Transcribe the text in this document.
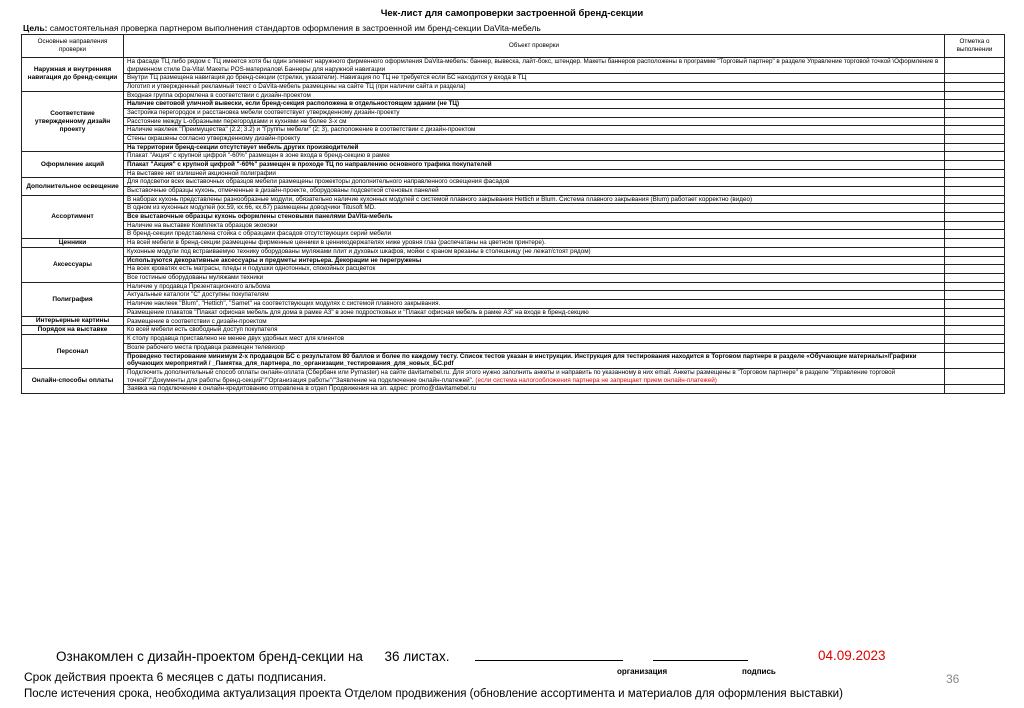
Чек-лист для самопроверки застроенной бренд-секции
Цель: самостоятельная проверка партнером выполнения стандартов оформления в застроенной им бренд-секции DaVita-мебель
Основные направления проверки	Объект проверки	Отметка о выполнении
Наружная и внутренняя навигация до бренд-секции	На фасаде ТЦ либо рядом с ТЦ имеется хотя бы один элемент наружного фирменного оформления DaVita-мебель: баннер, вывеска, лайт-бокс, штендер. Макеты баннеров расположены в программе "Торговый партнер" в разделе Управление торговой точкой \Оформление в фирменном стиле Da-Vita\ Макеты POS-материалов\ Баннеры для наружной навигации	
	Внутри ТЦ размещена навигация до бренд-секции (стрелки, указатели). Навигация по ТЦ не требуется если БС находится у входа в ТЦ	
	Логотип и утвержденный рекламный текст о DaVita-мебель размещены на сайте ТЦ (при наличии сайта и раздела)	
Соответствие утвержденному дизайн проекту	Входная группа оформлена в соответствии с дизайн-проектом	
	Наличие световой уличной вывески, если бренд-секция расположена в отдельностоящем здании (не ТЦ)	
	Застройка перегородок и расстановка мебели соответствует утвержденному дизайн-проекту	
	Расстояние между L-образными перегородками и кухнями не более 3-х см	
	Наличие наклеек "Преимущества" (2.2; 3.2) и "Группы мебели" (2; 3), расположение в соответствии с дизайн-проектом	
	Стены окрашены согласно утвержденному дизайн-проекту	
	На территории бренд-секции отсутствует мебель других производителей	
Оформление акций	Плакат "Акция" с крупной цифрой "-60%" размещен в зоне входа в бренд-секцию в рамке	
	Плакат "Акция" с крупной цифрой "-60%" размещен в проходе ТЦ по направлению основного трафика покупателей	
	На выставке нет излишней акционной полиграфии	
Дополнительное освещение	Для подсветки всех выставочных образцов мебели размещены прожекторы дополнительного направленного освещения фасадов	
	Выставочные образцы кухонь, отмеченные в дизайн-проекте, оборудованы подсветкой стеновых панелей	
Ассортимент	В наборах кухонь представлены разнообразные модули, обязательно наличие кухонных модулей с системой плавного закрывания Hettich и Blum. Система плавного закрывания (Blum) работает корректно (видео)	
	В одном из кухонных модулей (кх.59, кх.66, кх.67) размещены доводчики Titusoft MD.	
	Все выставочные образцы кухонь оформлены стеновыми панелями DaVita-мебель	
	Наличие на выставке Комплекта образцов экокожи	
	В бренд-секции представлена стойка с образцами фасадов отсутствующих серий мебели	
Ценники	На всей мебели в бренд-секции размещены фирменные ценники в ценникодержателях ниже уровня глаз (распечатаны на цветном принтере).	
Аксессуары	Кухонные модули под встраиваемую технику оборудованы муляжами плит и духовых шкафов, мойки с краном врезаны в столешницу (не лежат/стоят рядом)	
	Используются декоративные аксессуары и предметы интерьера. Декорации не перегружены	
	На всех кроватях есть матрасы, пледы и подушки однотонных, спокойных расцветок	
	Все гостиные оборудованы муляжами техники	
Полиграфия	Наличие у продавца Презентационного альбома	
	Актуальные каталоги "С" доступны покупателям	
	Наличие наклеек "Blum", "Hettich", "Samet" на соответствующих модулях с системой плавного закрывания.	
	Размещение плакатов "Плакат офисная мебель для дома в рамке А3" в зоне подростковых и "Плакат офисная мебель в рамке А3" на входе в бренд-секцию	
Интерьерные картины	Размещение в соответствии с дизайн-проектом	
Порядок на выставке	Ко всей мебели есть свободный доступ покупателя	
Персонал	К столу продавца приставлено не менее двух удобных мест для клиентов	
	Возле рабочего места продавца размещен телевизор	
	Проведено тестирование минимум 2-х продавцов БС с результатом 80 баллов и более по каждому тесту. Список тестов указан в инструкции. Инструкция для тестирования находится в Торговом партнере в разделе «Обучающие материалы»/Графики обучающих мероприятий / _Памятка_для_партнера_по_организации_тестирования_для_новых_БС.pdf	
Онлайн-способы оплаты	Подключить дополнительный способ оплаты онлайн-оплата (Сбербанк или Pymaster) на сайте davitamebel.ru. Для этого нужно заполнить анкеты и направить по указанному в них email. Анкеты размещены в "Торговом партнере" в разделе "Управление торговой точкой"/"Документы для работы бренд-секций"/"Организация работы"/"Заявление на подключение онлайн-платежей". (если система налогообложения партнера не запрещает прием онлайн-платежей)	
	Заявка на подключение к онлайн-кредитованию отправлена в отдел Продвижения на эл. адрес: promo@davitamebel.ru	
Ознакомлен с дизайн-проектом бренд-секции на 36 листах.	04.09.2023
организация	подпись
Срок действия проекта 6 месяцев с даты подписания.
После истечения срока, необходима актуализация проекта Отделом продвижения (обновление ассортимента и материалов для оформления выставки)
36
